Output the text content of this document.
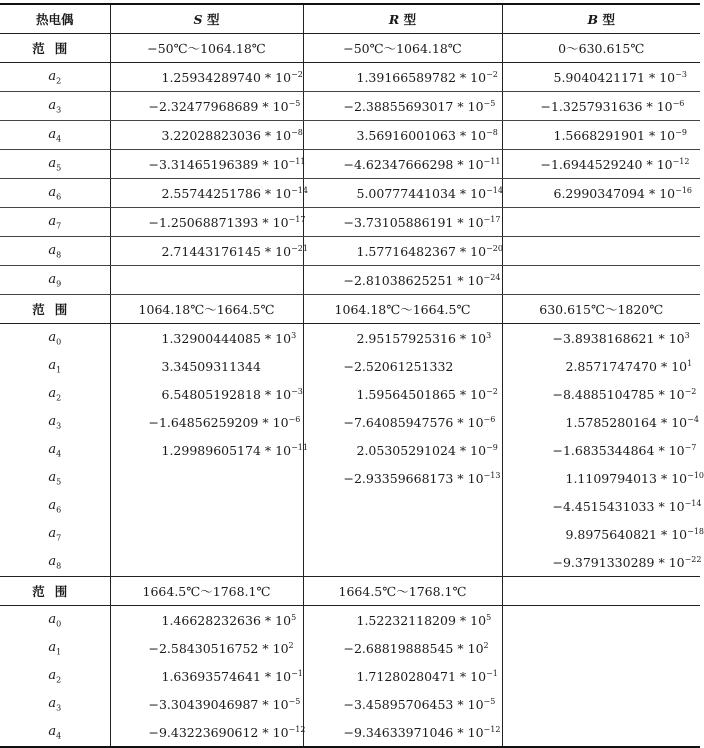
热电偶	S 型	R 型	B 型
范围	−50℃～1064.18℃	−50℃～1064.18℃	0～630.615℃
$a_2$	$1.25934289740 * 10^{-2}$	$1.39166589782 * 10^{-2}$	$5.9040421171 * 10^{-3}$
$a_3$	$-2.32477968689 * 10^{-5}$	$-2.38855693017 * 10^{-5}$	$-1.3257931636 * 10^{-6}$
$a_4$	$3.22028823036 * 10^{-8}$	$3.56916001063 * 10^{-8}$	$1.5668291901 * 10^{-9}$
$a_5$	$-3.31465196389 * 10^{-11}$	$-4.62347666298 * 10^{-11}$	$-1.6944529240 * 10^{-12}$
$a_6$	$2.55744251786 * 10^{-14}$	$5.00777441034 * 10^{-14}$	$6.2990347094 * 10^{-16}$
$a_7$	$-1.25068871393 * 10^{-17}$	$-3.73105886191 * 10^{-17}$	
$a_8$	$2.71443176145 * 10^{-21}$	$1.57716482367 * 10^{-20}$	
$a_9$		$-2.81038625251 * 10^{-24}$	
范围	1064.18℃～1664.5℃	1064.18℃～1664.5℃	630.615℃～1820℃
$a_0$	$1.32900444085 * 10^3$	$2.95157925316 * 10^3$	$-3.8938168621 * 10^3$
$a_1$	3.34509311344	−2.52061251332	$2.8571747470 * 10^1$
$a_2$	$6.54805192818 * 10^{-3}$	$1.59564501865 * 10^{-2}$	$-8.4885104785 * 10^{-2}$
$a_3$	$-1.64856259209 * 10^{-6}$	$-7.64085947576 * 10^{-6}$	$1.5785280164 * 10^{-4}$
$a_4$	$1.29989605174 * 10^{-11}$	$2.05305291024 * 10^{-9}$	$-1.6835344864 * 10^{-7}$
$a_5$		$-2.93359668173 * 10^{-13}$	$1.1109794013 * 10^{-10}$
$a_6$			$-4.4515431033 * 10^{-14}$
$a_7$			$9.8975640821 * 10^{-18}$
$a_8$			$-9.3791330289 * 10^{-22}$
范围	1664.5℃～1768.1℃	1664.5℃～1768.1℃	
$a_0$	$1.46628232636 * 10^5$	$1.52232118209 * 10^5$	
$a_1$	$-2.58430516752 * 10^2$	$-2.68819888545 * 10^2$	
$a_2$	$1.63693574641 * 10^{-1}$	$1.71280280471 * 10^{-1}$	
$a_3$	$-3.30439046987 * 10^{-5}$	$-3.45895706453 * 10^{-5}$	
$a_4$	$-9.43223690612 * 10^{-12}$	$-9.34633971046 * 10^{-12}$	
